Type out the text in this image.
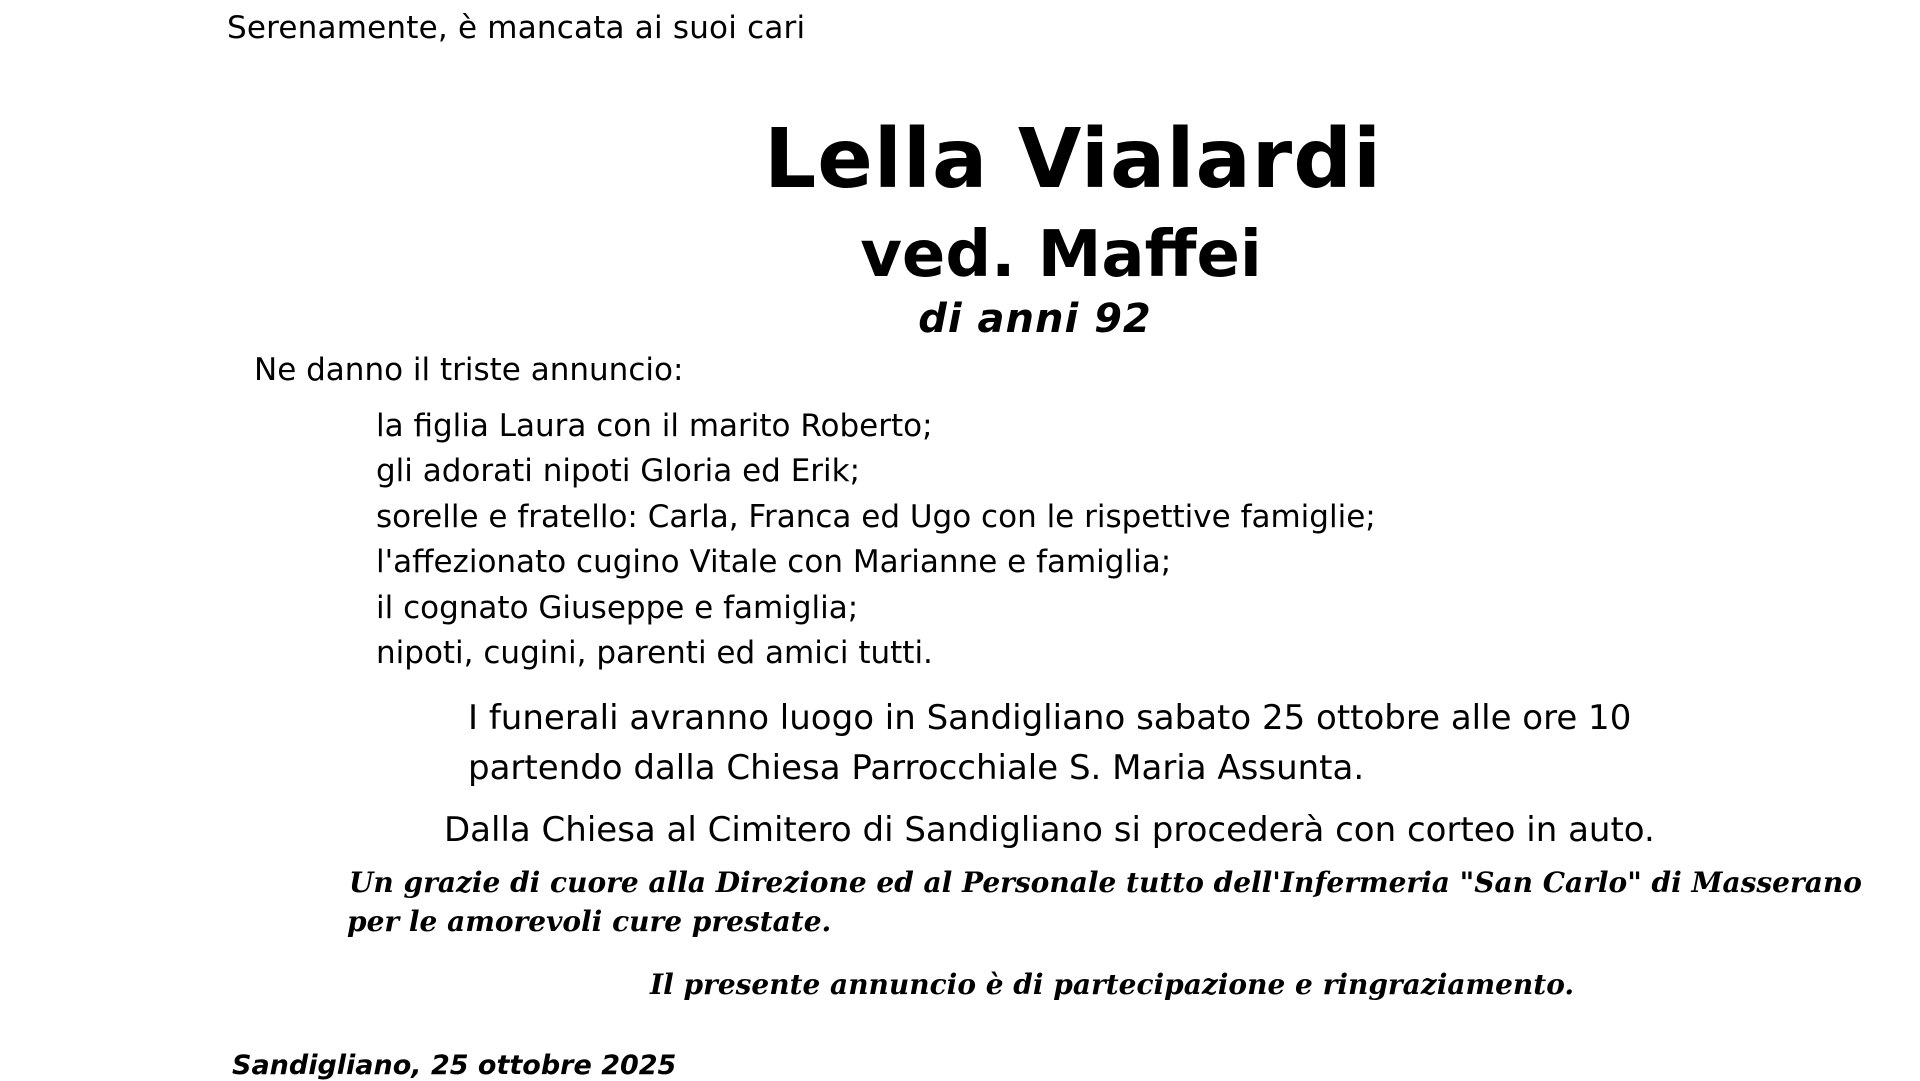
Serenamente, è mancata ai suoi cari
Lella Vialardi
ved. Maffei
di anni 92
Ne danno il triste annuncio:
la figlia Laura con il marito Roberto;
gli adorati nipoti Gloria ed Erik;
sorelle e fratello: Carla, Franca ed Ugo con le rispettive famiglie;
l'affezionato cugino Vitale con Marianne e famiglia;
il cognato Giuseppe e famiglia;
nipoti, cugini, parenti ed amici tutti.
I funerali avranno luogo in Sandigliano sabato 25 ottobre alle ore 10
partendo dalla Chiesa Parrocchiale S. Maria Assunta.
Dalla Chiesa al Cimitero di Sandigliano si procederà con corteo in auto.
Un grazie di cuore alla Direzione ed al Personale tutto dell'Infermeria "San Carlo" di Masserano
per le amorevoli cure prestate.
Il presente annuncio è di partecipazione e ringraziamento.
Sandigliano, 25 ottobre 2025
